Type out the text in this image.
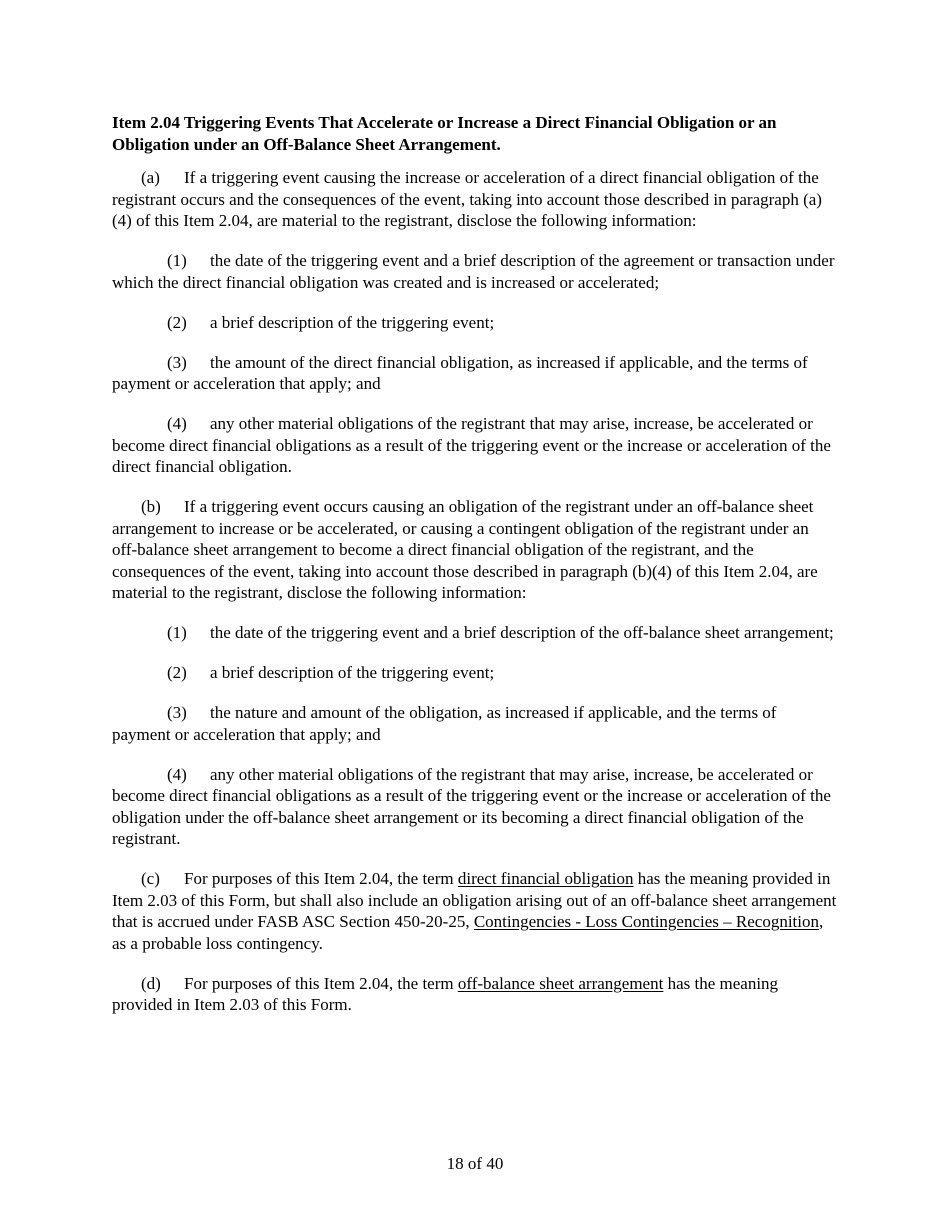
Item 2.04 Triggering Events That Accelerate or Increase a Direct Financial Obligation or an Obligation under an Off-Balance Sheet Arrangement.

(a) If a triggering event causing the increase or acceleration of a direct financial obligation of the registrant occurs and the consequences of the event, taking into account those described in paragraph (a)(4) of this Item 2.04, are material to the registrant, disclose the following information:

(1) the date of the triggering event and a brief description of the agreement or transaction under which the direct financial obligation was created and is increased or accelerated;

(2) a brief description of the triggering event;

(3) the amount of the direct financial obligation, as increased if applicable, and the terms of payment or acceleration that apply; and

(4) any other material obligations of the registrant that may arise, increase, be accelerated or become direct financial obligations as a result of the triggering event or the increase or acceleration of the direct financial obligation.

(b) If a triggering event occurs causing an obligation of the registrant under an off-balance sheet arrangement to increase or be accelerated, or causing a contingent obligation of the registrant under an off-balance sheet arrangement to become a direct financial obligation of the registrant, and the consequences of the event, taking into account those described in paragraph (b)(4) of this Item 2.04, are material to the registrant, disclose the following information:

(1) the date of the triggering event and a brief description of the off-balance sheet arrangement;

(2) a brief description of the triggering event;

(3) the nature and amount of the obligation, as increased if applicable, and the terms of payment or acceleration that apply; and

(4) any other material obligations of the registrant that may arise, increase, be accelerated or become direct financial obligations as a result of the triggering event or the increase or acceleration of the obligation under the off-balance sheet arrangement or its becoming a direct financial obligation of the registrant.

(c) For purposes of this Item 2.04, the term direct financial obligation has the meaning provided in Item 2.03 of this Form, but shall also include an obligation arising out of an off-balance sheet arrangement that is accrued under FASB ASC Section 450-20-25, Contingencies - Loss Contingencies – Recognition, as a probable loss contingency.

(d) For purposes of this Item 2.04, the term off-balance sheet arrangement has the meaning provided in Item 2.03 of this Form.

18 of 40
